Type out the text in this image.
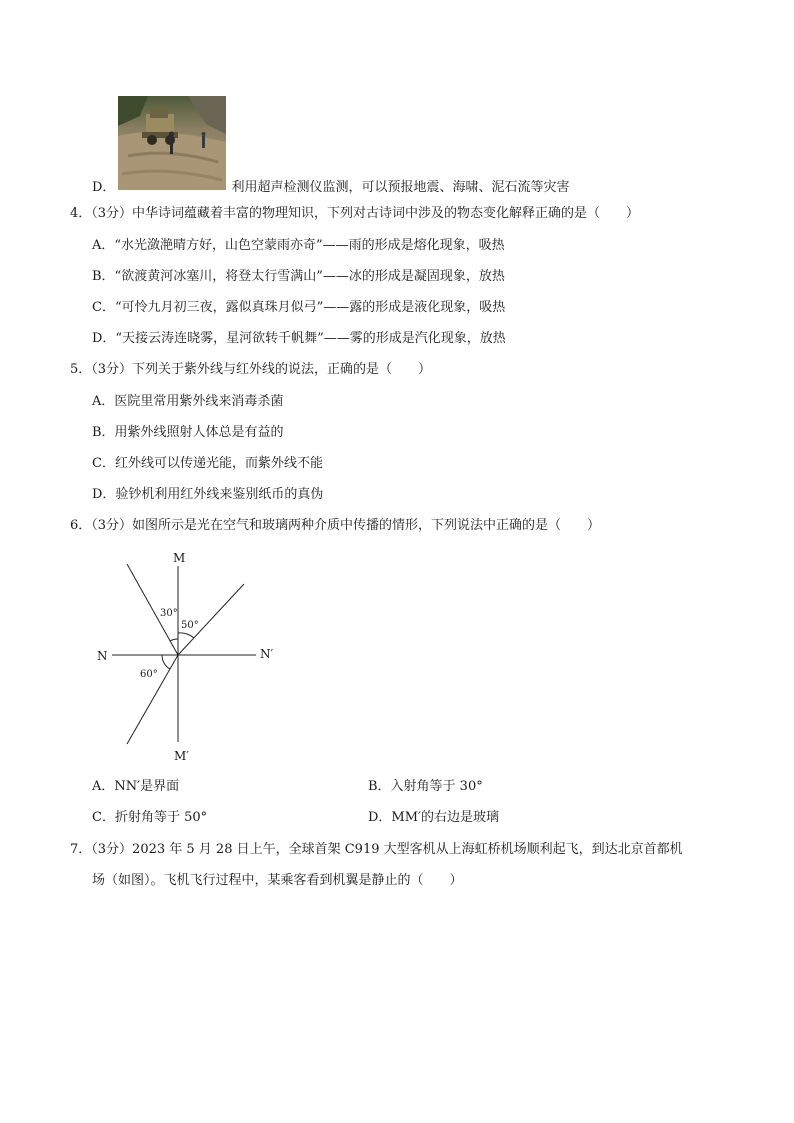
D．	利用超声检测仪监测，可以预报地震、海啸、泥石流等灾害
4．（3分）中华诗词蕴藏着丰富的物理知识，下列对古诗词中涉及的物态变化解释正确的是（　　）
A．“水光潋滟晴方好，山色空蒙雨亦奇”——雨的形成是熔化现象，吸热
B．“欲渡黄河冰塞川，将登太行雪满山”——冰的形成是凝固现象，放热
C．“可怜九月初三夜，露似真珠月似弓”——露的形成是液化现象，吸热
D．“天接云涛连晓雾，星河欲转千帆舞”——雾的形成是汽化现象，放热
5．（3分）下列关于紫外线与红外线的说法，正确的是（　　）
A．医院里常用紫外线来消毒杀菌
B．用紫外线照射人体总是有益的
C．红外线可以传递光能，而紫外线不能
D．验钞机利用红外线来鉴别纸币的真伪
6．（3分）如图所示是光在空气和玻璃两种介质中传播的情形，下列说法中正确的是（　　）
M
M′
N	N′
30°
50°
60°
A．NN′是界面	B．入射角等于 30°
C．折射角等于 50°	D．MM′的右边是玻璃
7．（3分）2023 年 5 月 28 日上午，全球首架 C919 大型客机从上海虹桥机场顺利起飞，到达北京首都机
场（如图）。飞机飞行过程中，某乘客看到机翼是静止的（　　）
